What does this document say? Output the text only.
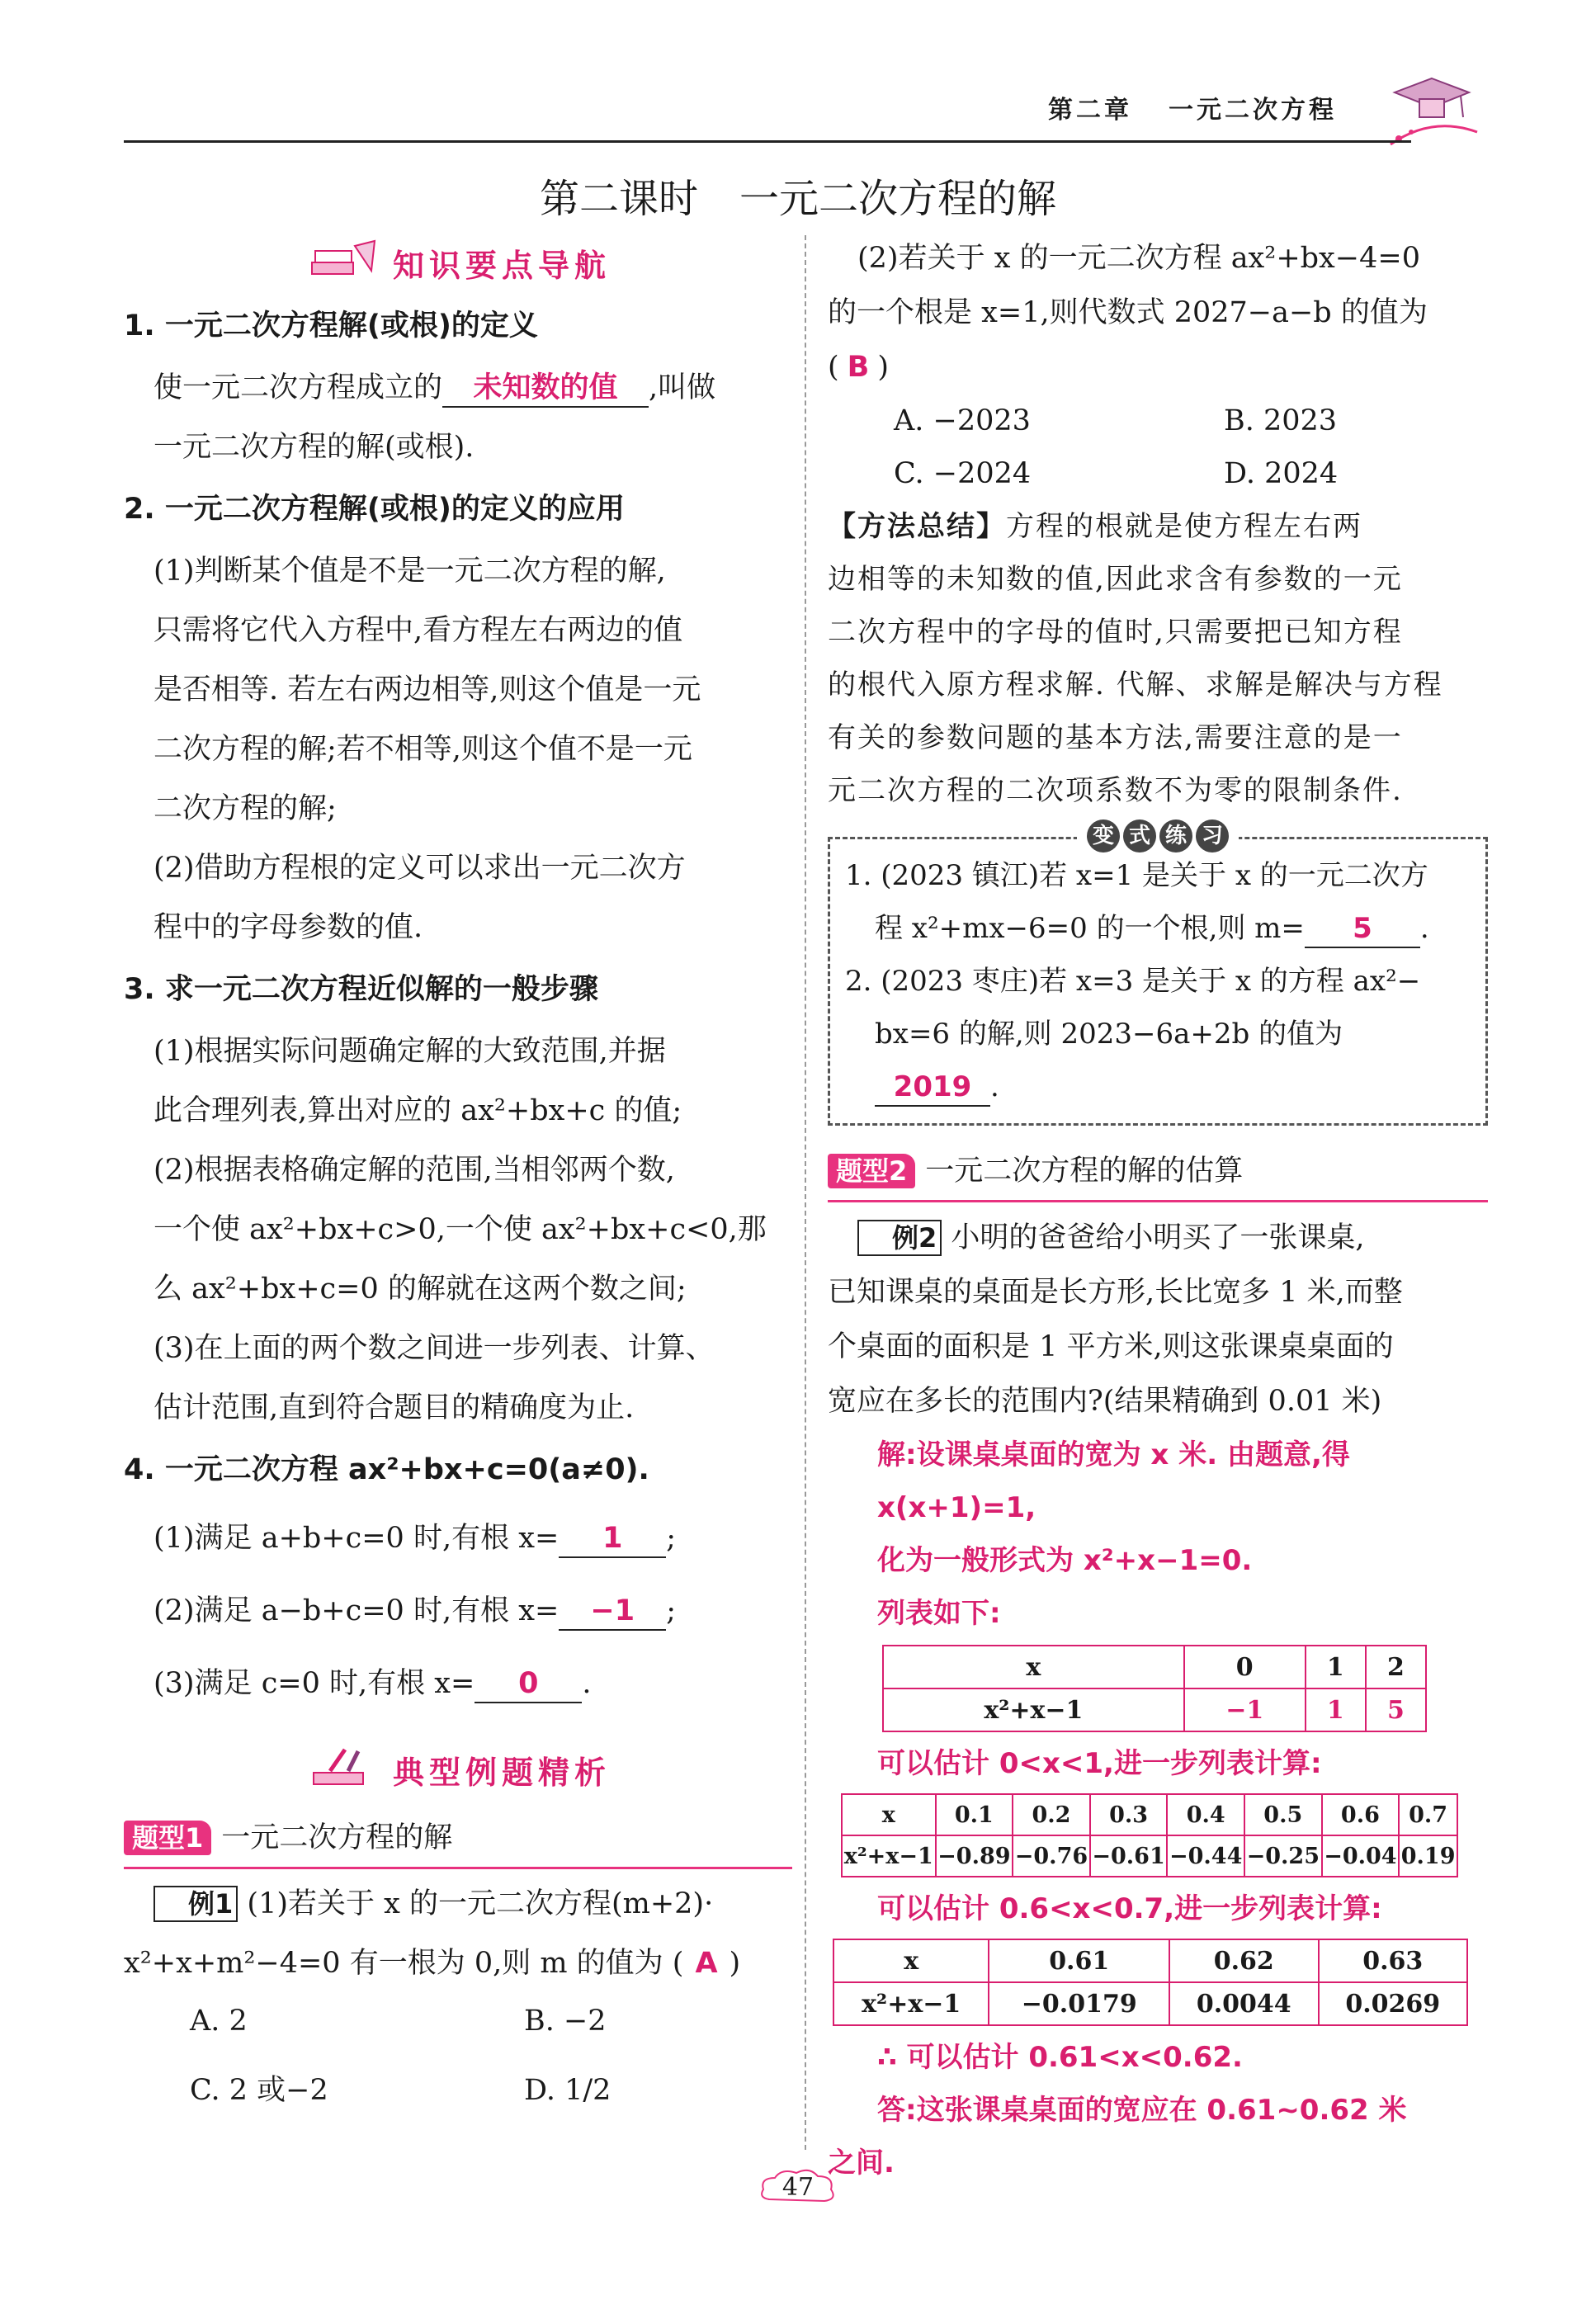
第二章 一元二次方程
第二课时 一元二次方程的解
知识要点导航
1. 一元二次方程解(或根)的定义
使一元二次方程成立的 未知数的值 ,叫做
一元二次方程的解(或根).
2. 一元二次方程解(或根)的定义的应用
(1)判断某个值是不是一元二次方程的解,
只需将它代入方程中,看方程左右两边的值
是否相等. 若左右两边相等,则这个值是一元
二次方程的解;若不相等,则这个值不是一元
二次方程的解;
(2)借助方程根的定义可以求出一元二次方
程中的字母参数的值.
3. 求一元二次方程近似解的一般步骤
(1)根据实际问题确定解的大致范围,并据
此合理列表,算出对应的 ax²+bx+c 的值;
(2)根据表格确定解的范围,当相邻两个数,
一个使 ax²+bx+c>0,一个使 ax²+bx+c<0,那
么 ax²+bx+c=0 的解就在这两个数之间;
(3)在上面的两个数之间进一步列表、计算、
估计范围,直到符合题目的精确度为止.
4. 一元二次方程 ax²+bx+c=0(a≠0).
(1)满足 a+b+c=0 时,有根 x= 1 ;
(2)满足 a−b+c=0 时,有根 x= −1 ;
(3)满足 c=0 时,有根 x= 0 .
典型例题精析
题型1 一元二次方程的解
例1 (1)若关于 x 的一元二次方程(m+2)·
x²+x+m²−4=0 有一根为 0,则 m 的值为 ( A )
A. 2	B. −2
C. 2 或−2	D. 1/2
(2)若关于 x 的一元二次方程 ax²+bx−4=0
的一个根是 x=1,则代数式 2027−a−b 的值为( B )
A. −2023	B. 2023
C. −2024	D. 2024
【方法总结】方程的根就是使方程左右两
边相等的未知数的值,因此求含有参数的一元
二次方程中的字母的值时,只需要把已知方程
的根代入原方程求解. 代解、求解是解决与方程
有关的参数问题的基本方法,需要注意的是一
元二次方程的二次项系数不为零的限制条件.
变 式 练 习
1. (2023 镇江)若 x=1 是关于 x 的一元二次方
程 x²+mx−6=0 的一个根,则 m= 5 .
2. (2023 枣庄)若 x=3 是关于 x 的方程 ax²−
bx=6 的解,则 2023−6a+2b 的值为
2019 .
题型2 一元二次方程的解的估算
例2 小明的爸爸给小明买了一张课桌,
已知课桌的桌面是长方形,长比宽多 1 米,而整
个桌面的面积是 1 平方米,则这张课桌桌面的
宽应在多长的范围内?(结果精确到 0.01 米)
解:设课桌桌面的宽为 x 米. 由题意,得
x(x+1)=1,
化为一般形式为 x²+x−1=0.
列表如下:
x	0	1	2
x²+x−1	−1	1	5
可以估计 0<x<1,进一步列表计算:
x	0.1	0.2	0.3	0.4	0.5	0.6	0.7
x²+x−1	−0.89	−0.76	−0.61	−0.44	−0.25	−0.04	0.19
可以估计 0.6<x<0.7,进一步列表计算:
x	0.61	0.62	0.63
x²+x−1	−0.0179	0.0044	0.0269
∴ 可以估计 0.61<x<0.62.
答:这张课桌桌面的宽应在 0.61~0.62 米
之间.
47
